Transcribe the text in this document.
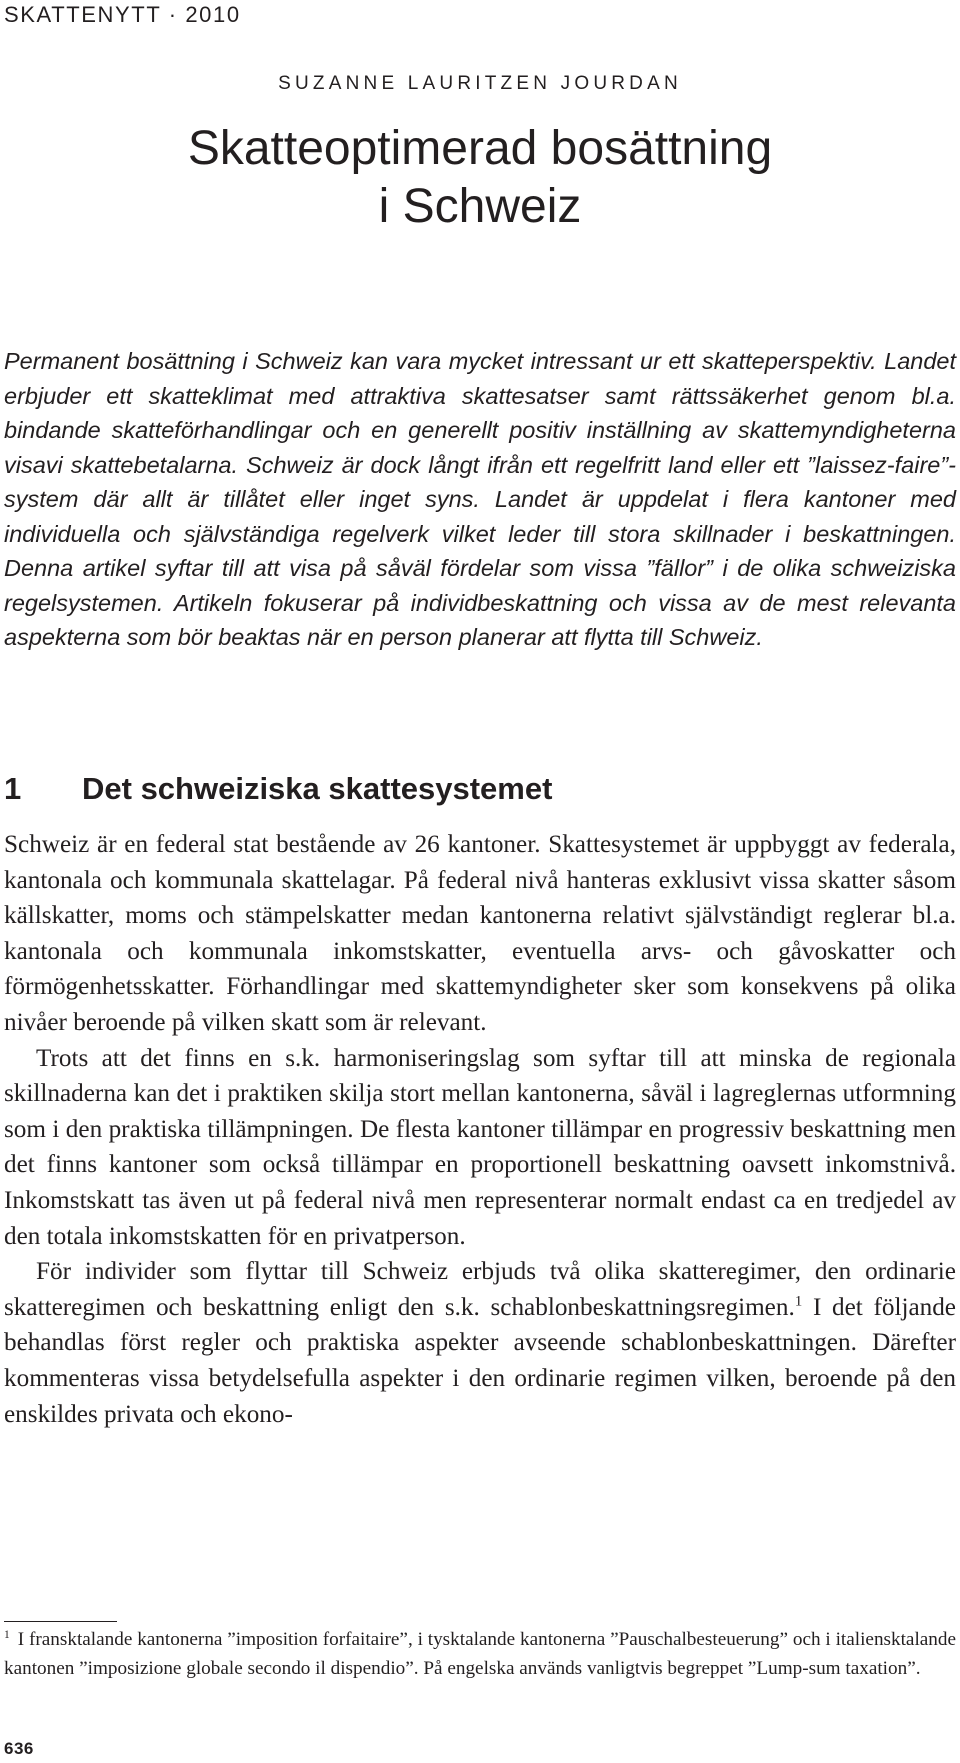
SKATTENYTT · 2010
SUZANNE LAURITZEN JOURDAN
Skatteoptimerad bosättning
i Schweiz

Permanent bosättning i Schweiz kan vara mycket intressant ur ett skatteperspektiv. Landet erbjuder ett skatteklimat med attraktiva skattesatser samt rättssäkerhet genom bl.a. bindande skatteförhandlingar och en generellt positiv inställning av skattemyndigheterna visavi skattebetalarna. Schweiz är dock långt ifrån ett regelfritt land eller ett ”laissez-faire”-system där allt är tillåtet eller inget syns. Landet är uppdelat i flera kantoner med individuella och självständiga regelverk vilket leder till stora skillnader i beskattningen. Denna artikel syftar till att visa på såväl fördelar som vissa ”fällor” i de olika schweiziska regelsystemen. Artikeln fokuserar på individbeskattning och vissa av de mest relevanta aspekterna som bör beaktas när en person planerar att flytta till Schweiz.

1 Det schweiziska skattesystemet

Schweiz är en federal stat bestående av 26 kantoner. Skattesystemet är uppbyggt av federala, kantonala och kommunala skattelagar. På federal nivå hanteras exklusivt vissa skatter såsom källskatter, moms och stämpelskatter medan kantonerna relativt självständigt reglerar bl.a. kantonala och kommunala inkomstskatter, eventuella arvs- och gåvoskatter och förmögenhetsskatter. Förhandlingar med skattemyndigheter sker som konsekvens på olika nivåer beroende på vilken skatt som är relevant.

Trots att det finns en s.k. harmoniseringslag som syftar till att minska de regionala skillnaderna kan det i praktiken skilja stort mellan kantonerna, såväl i lagreglernas utformning som i den praktiska tillämpningen. De flesta kantoner tillämpar en progressiv beskattning men det finns kantoner som också tillämpar en proportionell beskattning oavsett inkomstnivå. Inkomstskatt tas även ut på federal nivå men representerar normalt endast ca en tredjedel av den totala inkomstskatten för en privatperson.

För individer som flyttar till Schweiz erbjuds två olika skatteregimer, den ordinarie skatteregimen och beskattning enligt den s.k. schablonbeskattningsregimen.$^1$ I det följande behandlas först regler och praktiska aspekter avseende schablonbeskattningen. Därefter kommenteras vissa betydelsefulla aspekter i den ordinarie regimen vilken, beroende på den enskildes privata och ekono-

$^1$ I fransktalande kantonerna ”imposition forfaitaire”, i tysktalande kantonerna ”Pauschalbesteuerung” och i italiensktalande kantonen ”imposizione globale secondo il dispendio”. På engelska används vanligtvis begreppet ”Lump-sum taxation”.

636
